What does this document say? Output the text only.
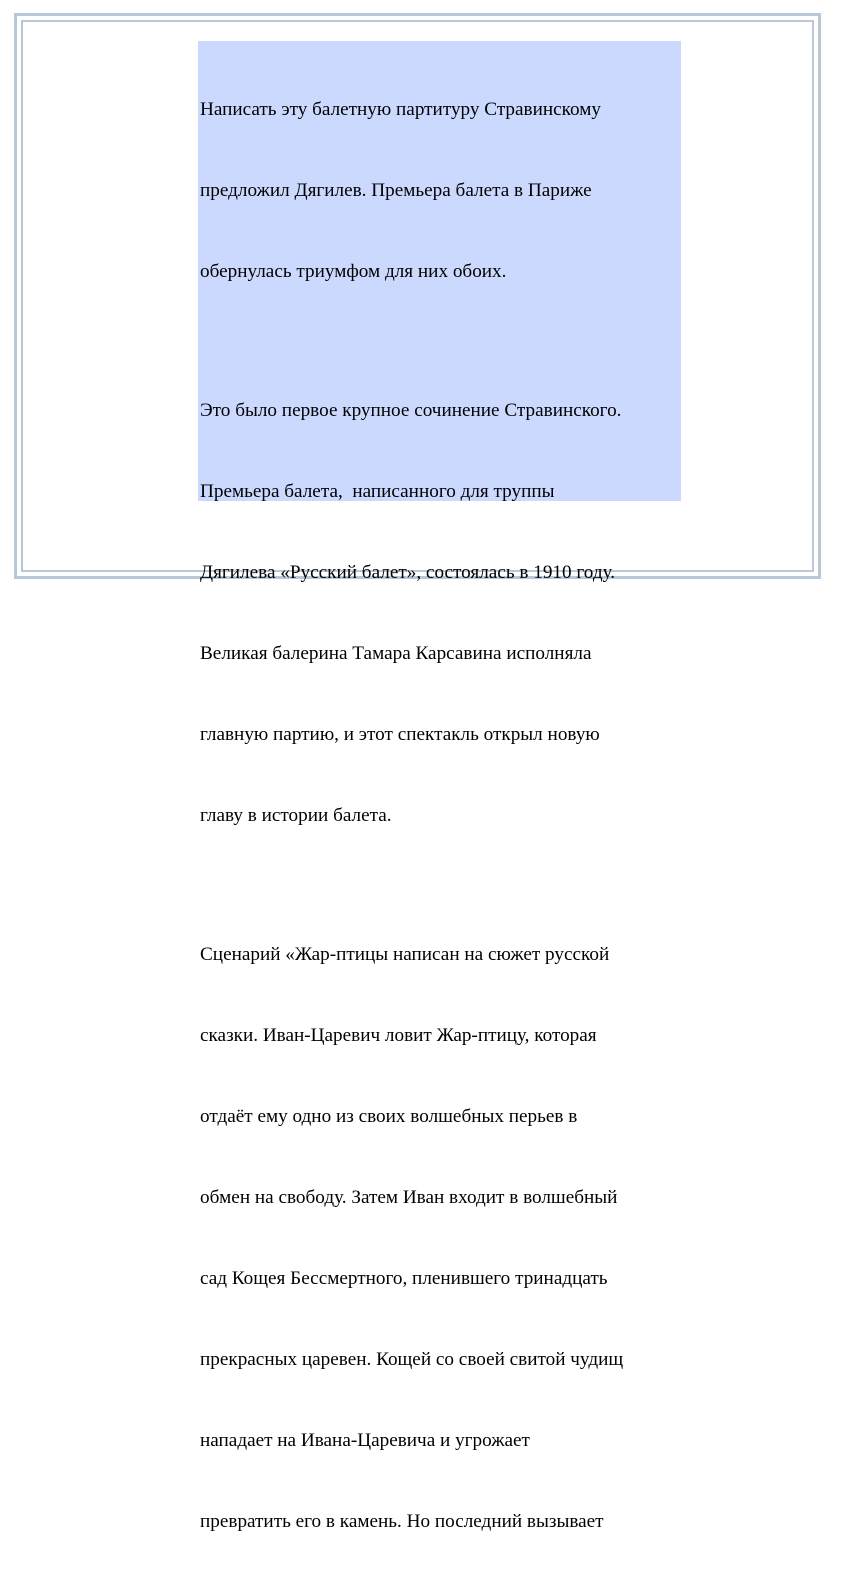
Написать эту балетную партитуру Стравинскому

предложил Дягилев. Премьера балета в Париже

обернулась триумфом для них обоих.

Это было первое крупное сочинение Стравинского.

Премьера балета,  написанного для труппы

Дягилева «Русский балет», состоялась в 1910 году.

Великая балерина Тамара Карсавина исполняла

главную партию, и этот спектакль открыл новую

главу в истории балета.

Сценарий «Жар-птицы написан на сюжет русской

сказки. Иван-Царевич ловит Жар-птицу, которая

отдаёт ему одно из своих волшебных перьев в

обмен на свободу. Затем Иван входит в волшебный

сад Кощея Бессмертного, пленившего тринадцать

прекрасных царевен. Кощей со своей свитой чудищ

нападает на Ивана-Царевича и угрожает

превратить его в камень. Но последний вызывает
